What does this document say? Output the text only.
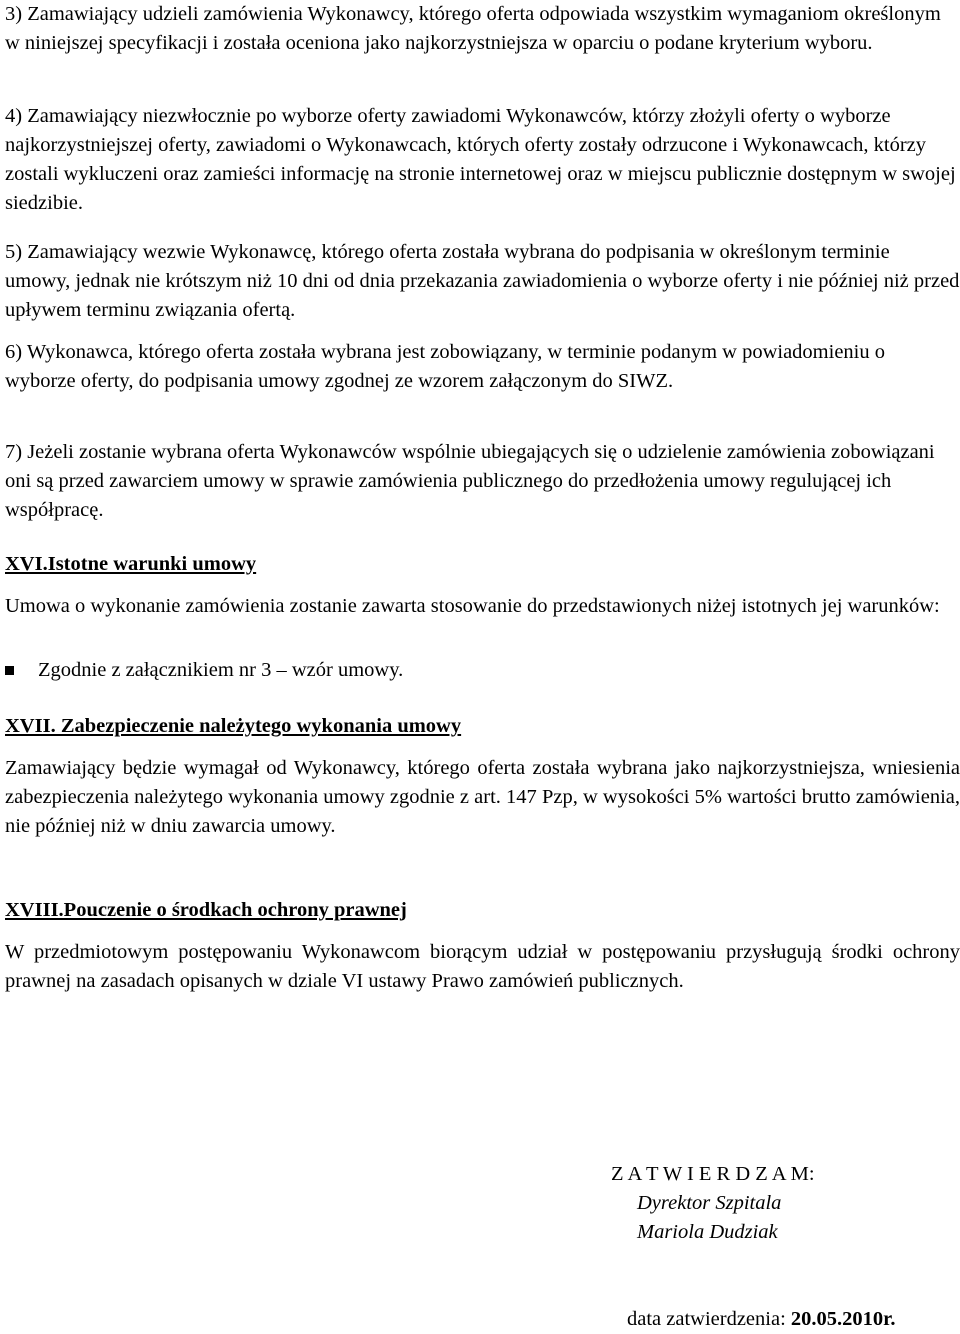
3) Zamawiający udzieli zamówienia Wykonawcy, którego oferta odpowiada wszystkim wymaganiom określonym w niniejszej specyfikacji i została oceniona jako najkorzystniejsza w oparciu o podane kryterium wyboru.

4) Zamawiający niezwłocznie po wyborze oferty zawiadomi Wykonawców, którzy złożyli oferty o wyborze najkorzystniejszej oferty, zawiadomi o Wykonawcach, których oferty zostały odrzucone i Wykonawcach, którzy zostali wykluczeni oraz zamieści informację na stronie internetowej oraz w miejscu publicznie dostępnym w swojej siedzibie.

5) Zamawiający wezwie Wykonawcę, którego oferta została wybrana do podpisania w określonym terminie umowy, jednak nie krótszym niż 10 dni od dnia przekazania zawiadomienia o wyborze oferty i nie później niż przed upływem terminu związania ofertą.

6) Wykonawca, którego oferta została wybrana jest zobowiązany, w terminie podanym w powiadomieniu o wyborze oferty, do podpisania umowy zgodnej ze wzorem załączonym do SIWZ.

7) Jeżeli zostanie wybrana oferta Wykonawców wspólnie ubiegających się o udzielenie zamówienia zobowiązani oni są przed zawarciem umowy w sprawie zamówienia publicznego do przedłożenia umowy regulującej ich współpracę.

XVI.Istotne warunki umowy

Umowa o wykonanie zamówienia zostanie zawarta stosowanie do przedstawionych niżej istotnych jej warunków:

Zgodnie z załącznikiem nr 3 – wzór umowy.

XVII. Zabezpieczenie należytego wykonania umowy

Zamawiający będzie wymagał od Wykonawcy, którego oferta została wybrana jako najkorzystniejsza, wniesienia zabezpieczenia należytego wykonania umowy zgodnie z art. 147 Pzp, w wysokości 5% wartości brutto zamówienia, nie później niż w dniu zawarcia umowy.

XVIII.Pouczenie o środkach ochrony prawnej

W przedmiotowym postępowaniu Wykonawcom biorącym udział w postępowaniu przysługują środki ochrony prawnej na zasadach opisanych w dziale VI ustawy Prawo zamówień publicznych.

Z A T W I E R D Z A M:

Dyrektor Szpitala

Mariola Dudziak

data zatwierdzenia: 20.05.2010r.
